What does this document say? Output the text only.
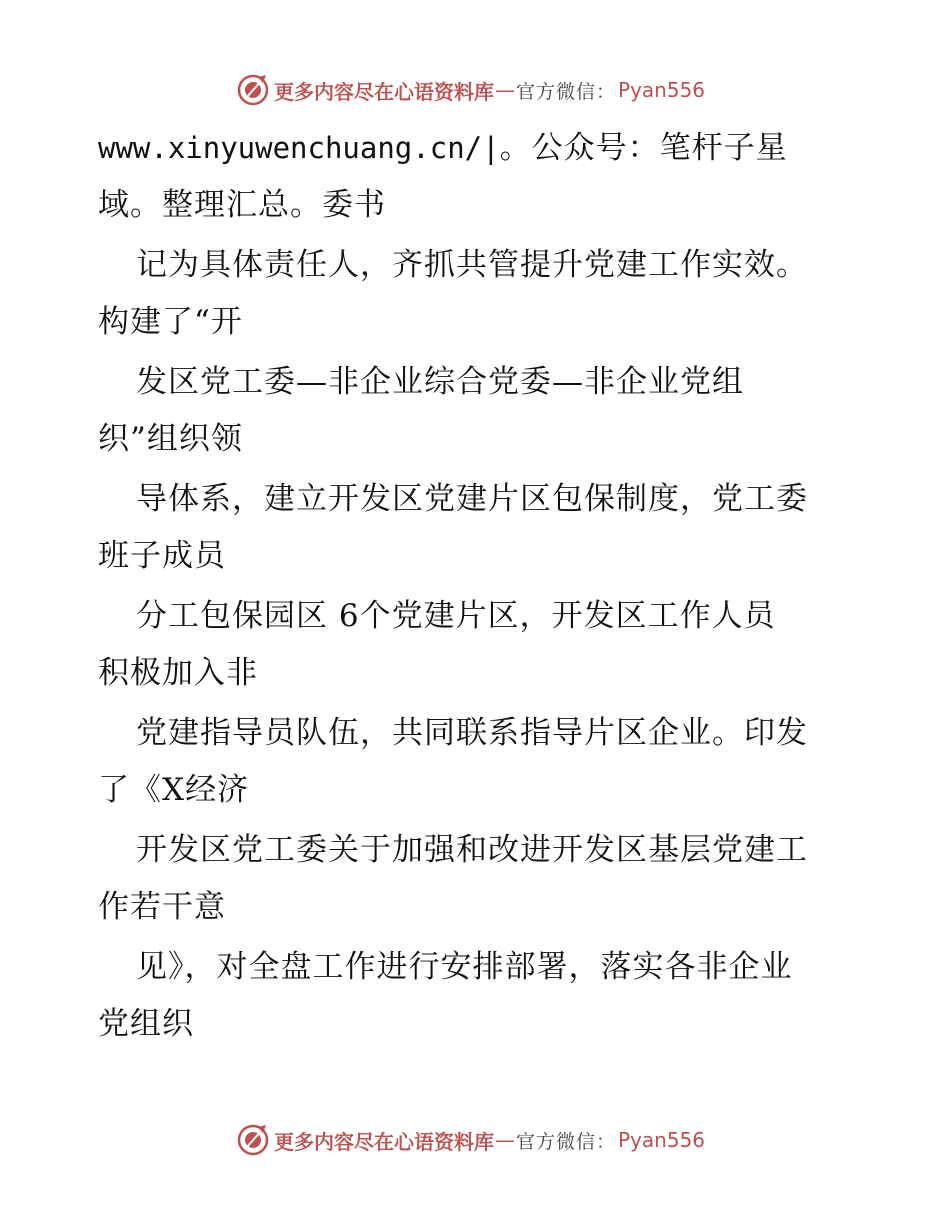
更多内容尽在心语资料库 — 官方微信： Pyan556
www.xinyuwenchuang.cn/|。公众号：笔杆子星
域。整理汇总。委书
记为具体责任人，齐抓共管提升党建工作实效。
构建了“开
发区党工委—非企业综合党委—非企业党组
织”组织领
导体系，建立开发区党建片区包保制度，党工委
班子成员
分工包保园区 6个党建片区，开发区工作人员
积极加入非
党建指导员队伍，共同联系指导片区企业。印发
了《X经济
开发区党工委关于加强和改进开发区基层党建工
作若干意
见》，对全盘工作进行安排部署，落实各非企业
党组织
更多内容尽在心语资料库 — 官方微信： Pyan556
